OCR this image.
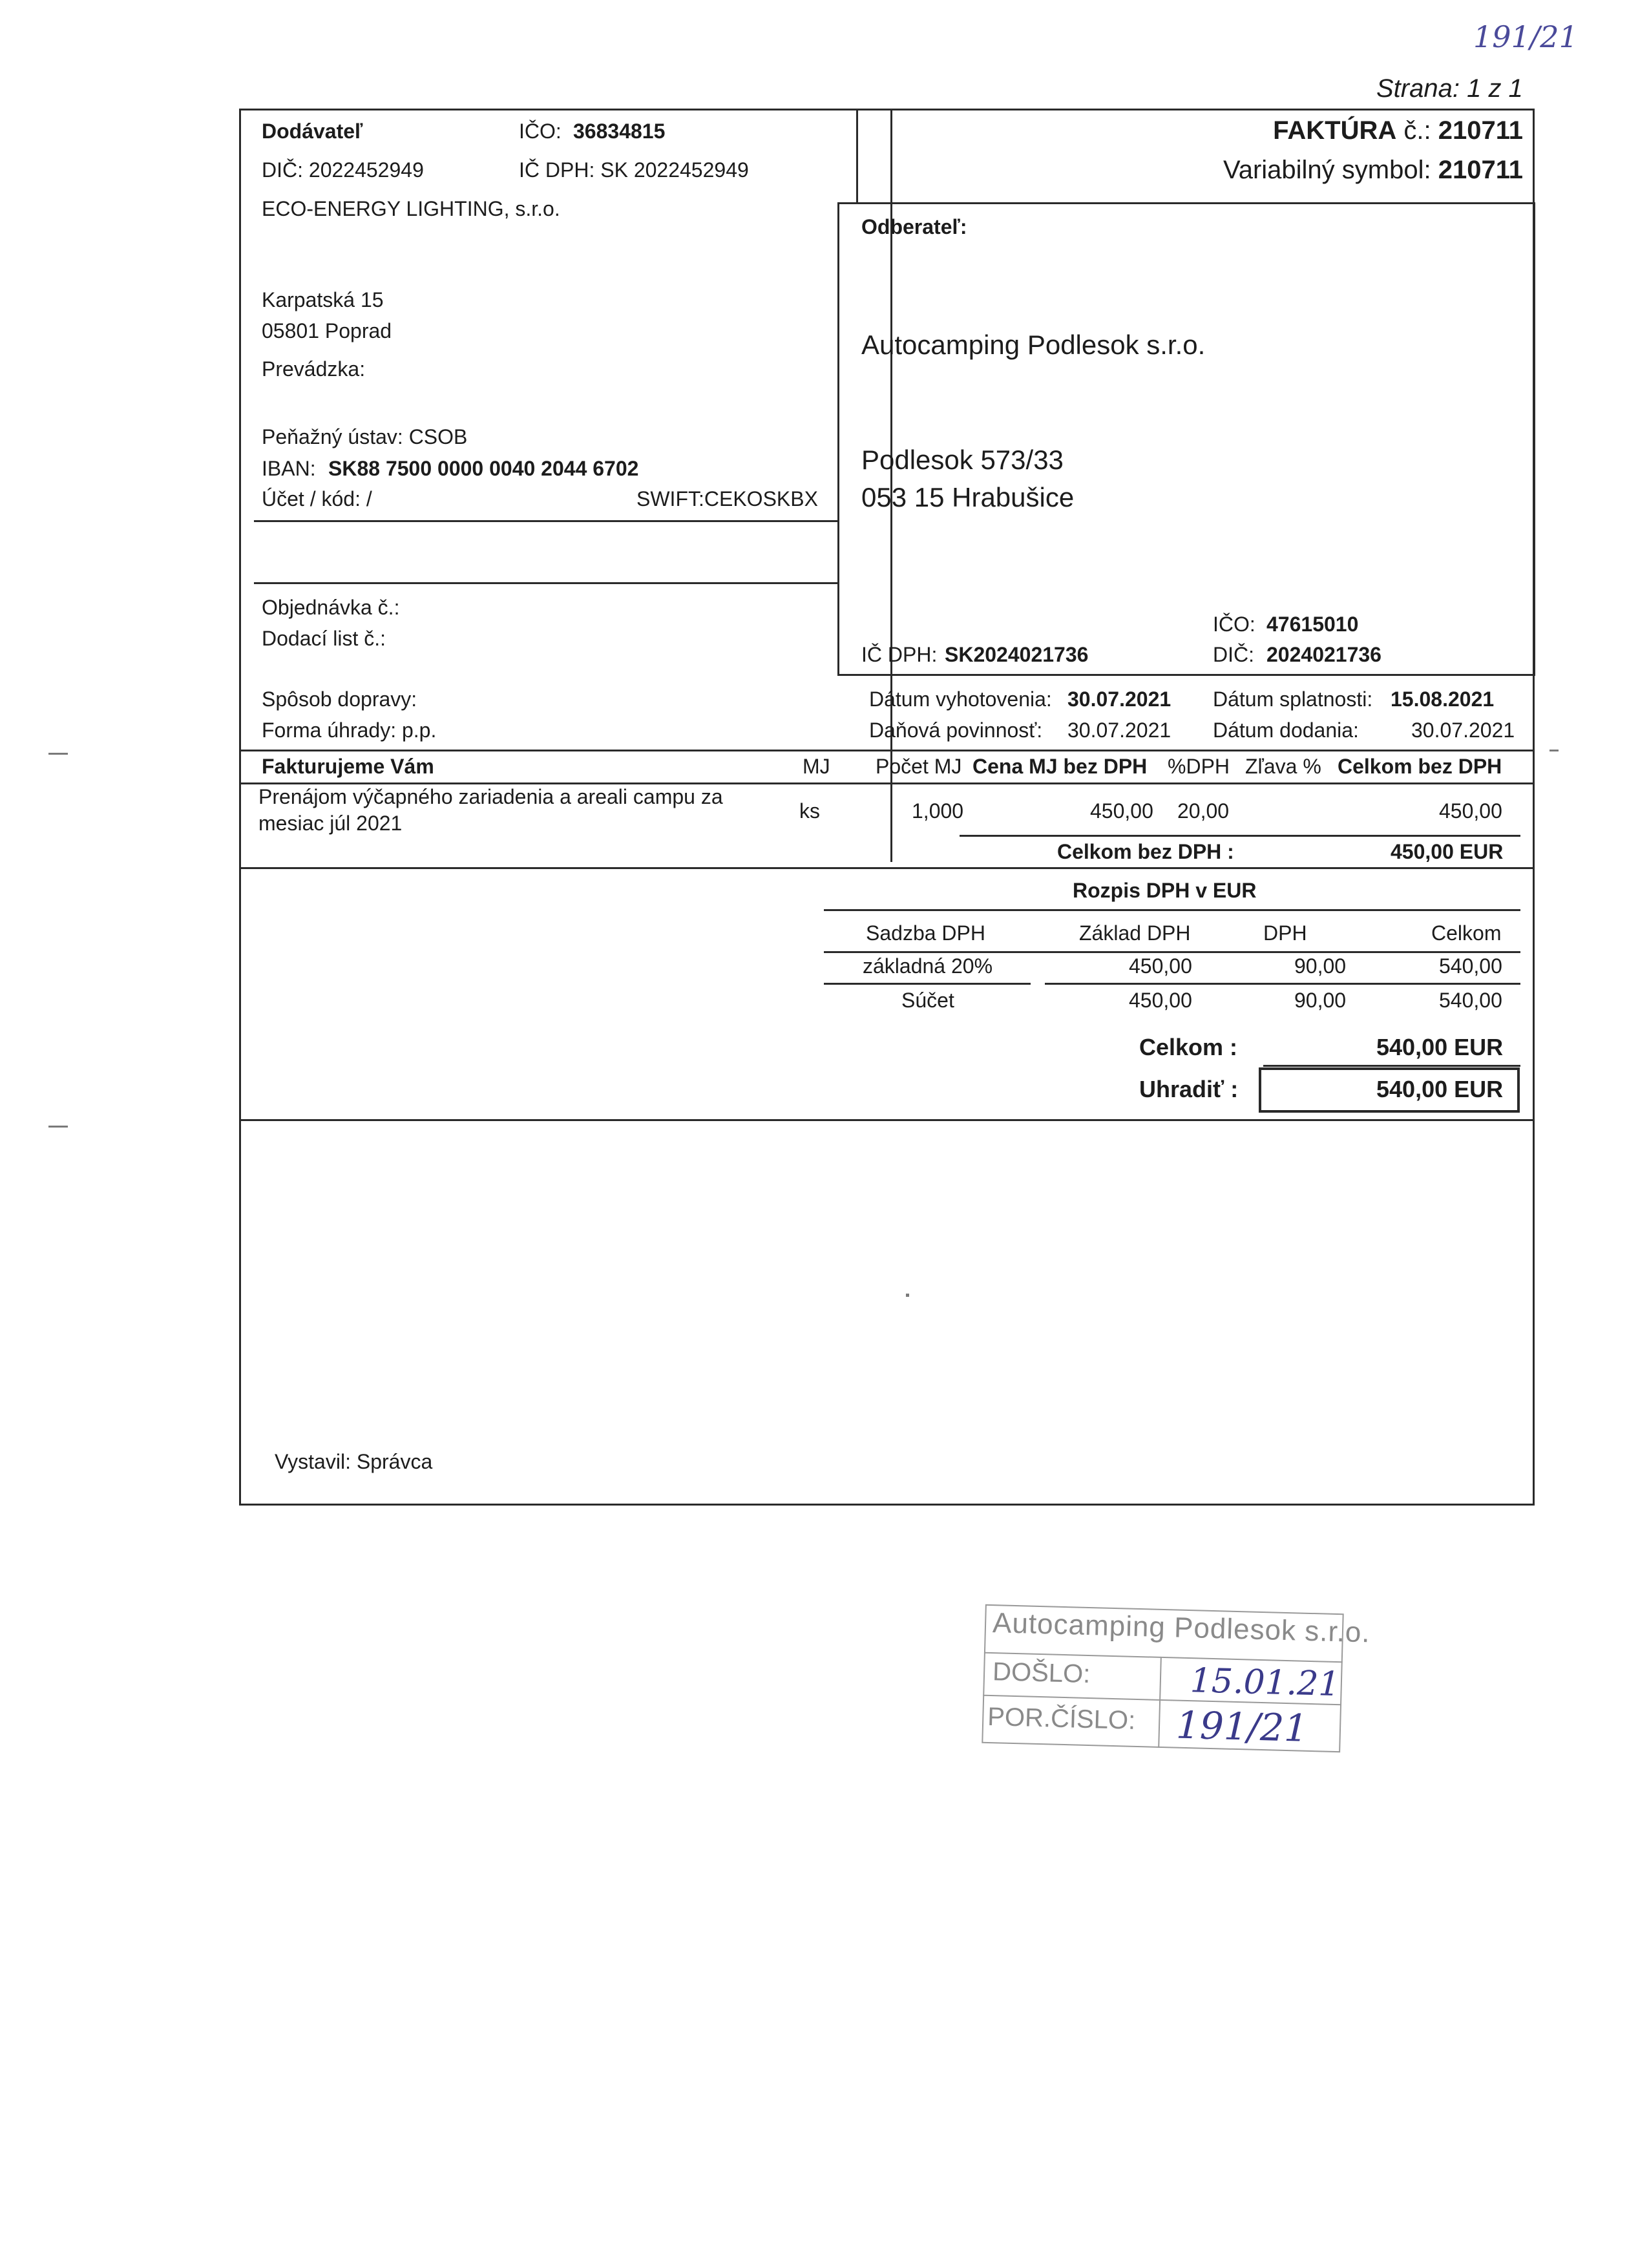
191/21
Strana: 1 z 1
Dodávateľ	IČO: 36834815
DIČ: 2022452949	IČ DPH: SK 2022452949
ECO-ENERGY LIGHTING, s.r.o.
Karpatská 15
05801 Poprad
Prevádzka:
Peňažný ústav: CSOB
IBAN: SK88 7500 0000 0040 2044 6702
Účet / kód: /	SWIFT:CEKOSKBX
FAKTÚRA č.: 210711
Variabilný symbol: 210711
Odberateľ:
Autocamping Podlesok s.r.o.
Podlesok 573/33
053 15 Hrabušice
IČ DPH: SK2024021736
IČO: 47615010
DIČ: 2024021736
Objednávka č.:
Dodací list č.:
Spôsob dopravy:
Forma úhrady: p.p.
Dátum vyhotovenia: 30.07.2021 Dátum splatnosti: 15.08.2021
Daňová povinnosť: 30.07.2021 Dátum dodania:	30.07.2021
Fakturujeme Vám	MJ Počet MJ Cena MJ bez DPH %DPH Zľava % Celkom bez DPH
Prenájom výčapného zariadenia a areali campu za
mesiac júl 2021
ks	1,000	450,00 20,00	450,00
Celkom bez DPH :	450,00 EUR
Rozpis DPH v EUR
Sadzba DPH	Základ DPH	DPH	Celkom
základná 20%	450,00	90,00	540,00
Súčet	450,00	90,00	540,00
Celkom :	540,00 EUR
Uhradiť :	540,00 EUR
Vystavil: Správca
Autocamping Podlesok s.r.o.
DOŠLO:
POR.ČÍSLO:
15.01.21
191/21
